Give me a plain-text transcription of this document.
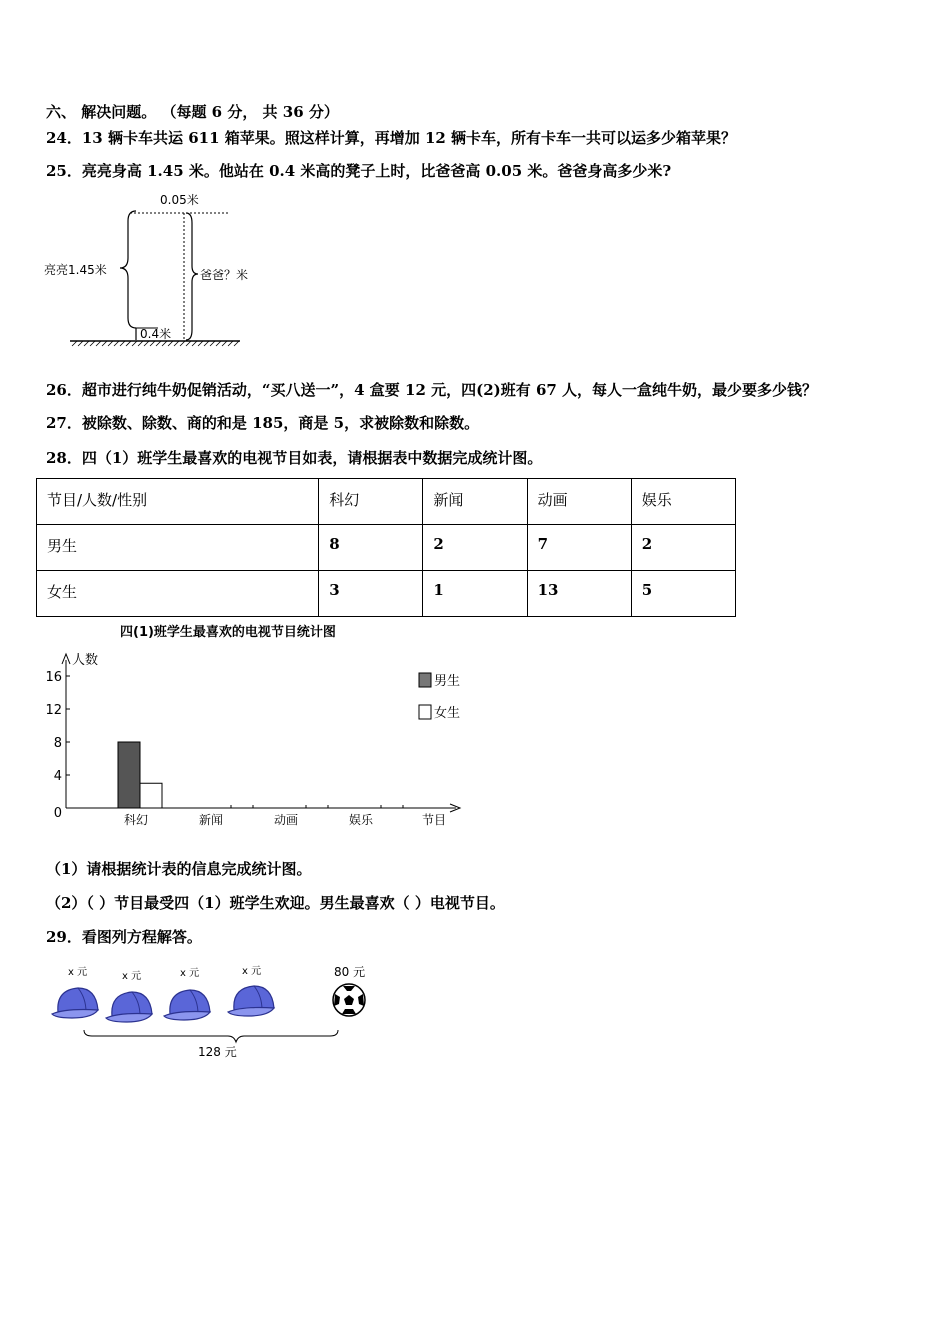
六、 解决问题。 （每题 6 分， 共 36 分）
24．13 辆卡车共运 611 箱苹果。照这样计算，再增加 12 辆卡车，所有卡车一共可以运多少箱苹果？
25．亮亮身高 1.45 米。他站在 0.4 米高的凳子上时，比爸爸高 0.05 米。爸爸身高多少米?
0.05米
亮亮1.45米	爸爸？米
0.4米
26．超市进行纯牛奶促销活动，“买八送一”，4 盒要 12 元，四(2)班有 67 人，每人一盒纯牛奶，最少要多少钱？
27．被除数、除数、商的和是 185，商是 5，求被除数和除数。
28．四（1）班学生最喜欢的电视节目如表，请根据表中数据完成统计图。
节目/人数/性别	科幻	新闻	动画	娱乐
男生	8	2	7	2
女生	3	1	13	5
四(1)班学生最喜欢的电视节目统计图
人数
节目
0
4
8
12
16
科幻	新闻	动画	娱乐
男生
女生
（1）请根据统计表的信息完成统计图。
（2）（ ）节目最受四（1）班学生欢迎。男生最喜欢（ ）电视节目。
29．看图列方程解答。
x 元	x 元	x 元	x 元	80 元
128 元
